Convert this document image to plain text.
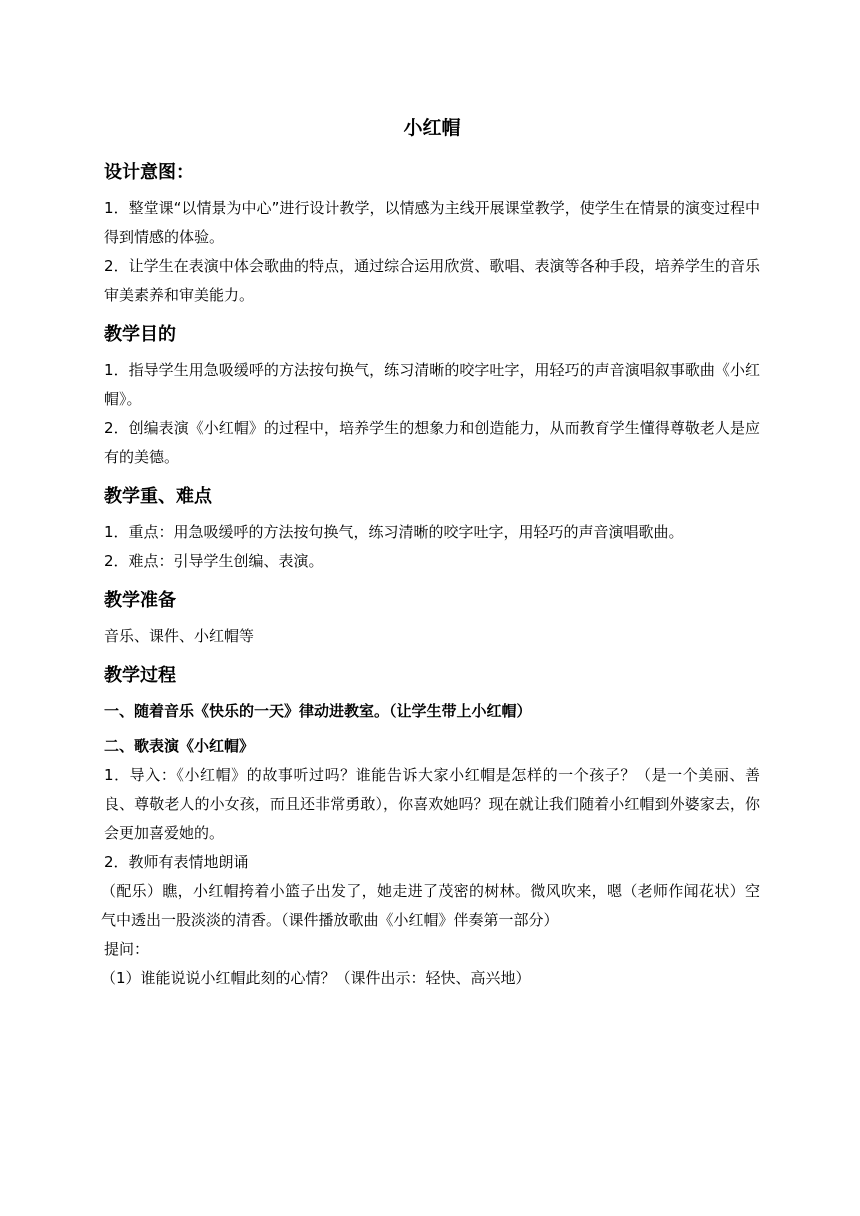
小红帽
设计意图：

1．整堂课“以情景为中心”进行设计教学，以情感为主线开展课堂教学，使学生在情景的演变过程中得到情感的体验。

2．让学生在表演中体会歌曲的特点，通过综合运用欣赏、歌唱、表演等各种手段，培养学生的音乐审美素养和审美能力。

教学目的

1．指导学生用急吸缓呼的方法按句换气，练习清晰的咬字吐字，用轻巧的声音演唱叙事歌曲《小红帽》。

2．创编表演《小红帽》的过程中，培养学生的想象力和创造能力，从而教育学生懂得尊敬老人是应有的美德。

教学重、难点

1．重点：用急吸缓呼的方法按句换气，练习清晰的咬字吐字，用轻巧的声音演唱歌曲。

2．难点：引导学生创编、表演。

教学准备

音乐、课件、小红帽等

教学过程
一、随着音乐《快乐的一天》律动进教室。（让学生带上小红帽）
二、歌表演《小红帽》

1．导入：《小红帽》的故事听过吗？谁能告诉大家小红帽是怎样的一个孩子？（是一个美丽、善良、尊敬老人的小女孩，而且还非常勇敢），你喜欢她吗？现在就让我们随着小红帽到外婆家去，你会更加喜爱她的。

2．教师有表情地朗诵

（配乐）瞧，小红帽挎着小篮子出发了，她走进了茂密的树林。微风吹来，嗯（老师作闻花状）空气中透出一股淡淡的清香。（课件播放歌曲《小红帽》伴奏第一部分）

提问：

（1）谁能说说小红帽此刻的心情？（课件出示：轻快、高兴地）
